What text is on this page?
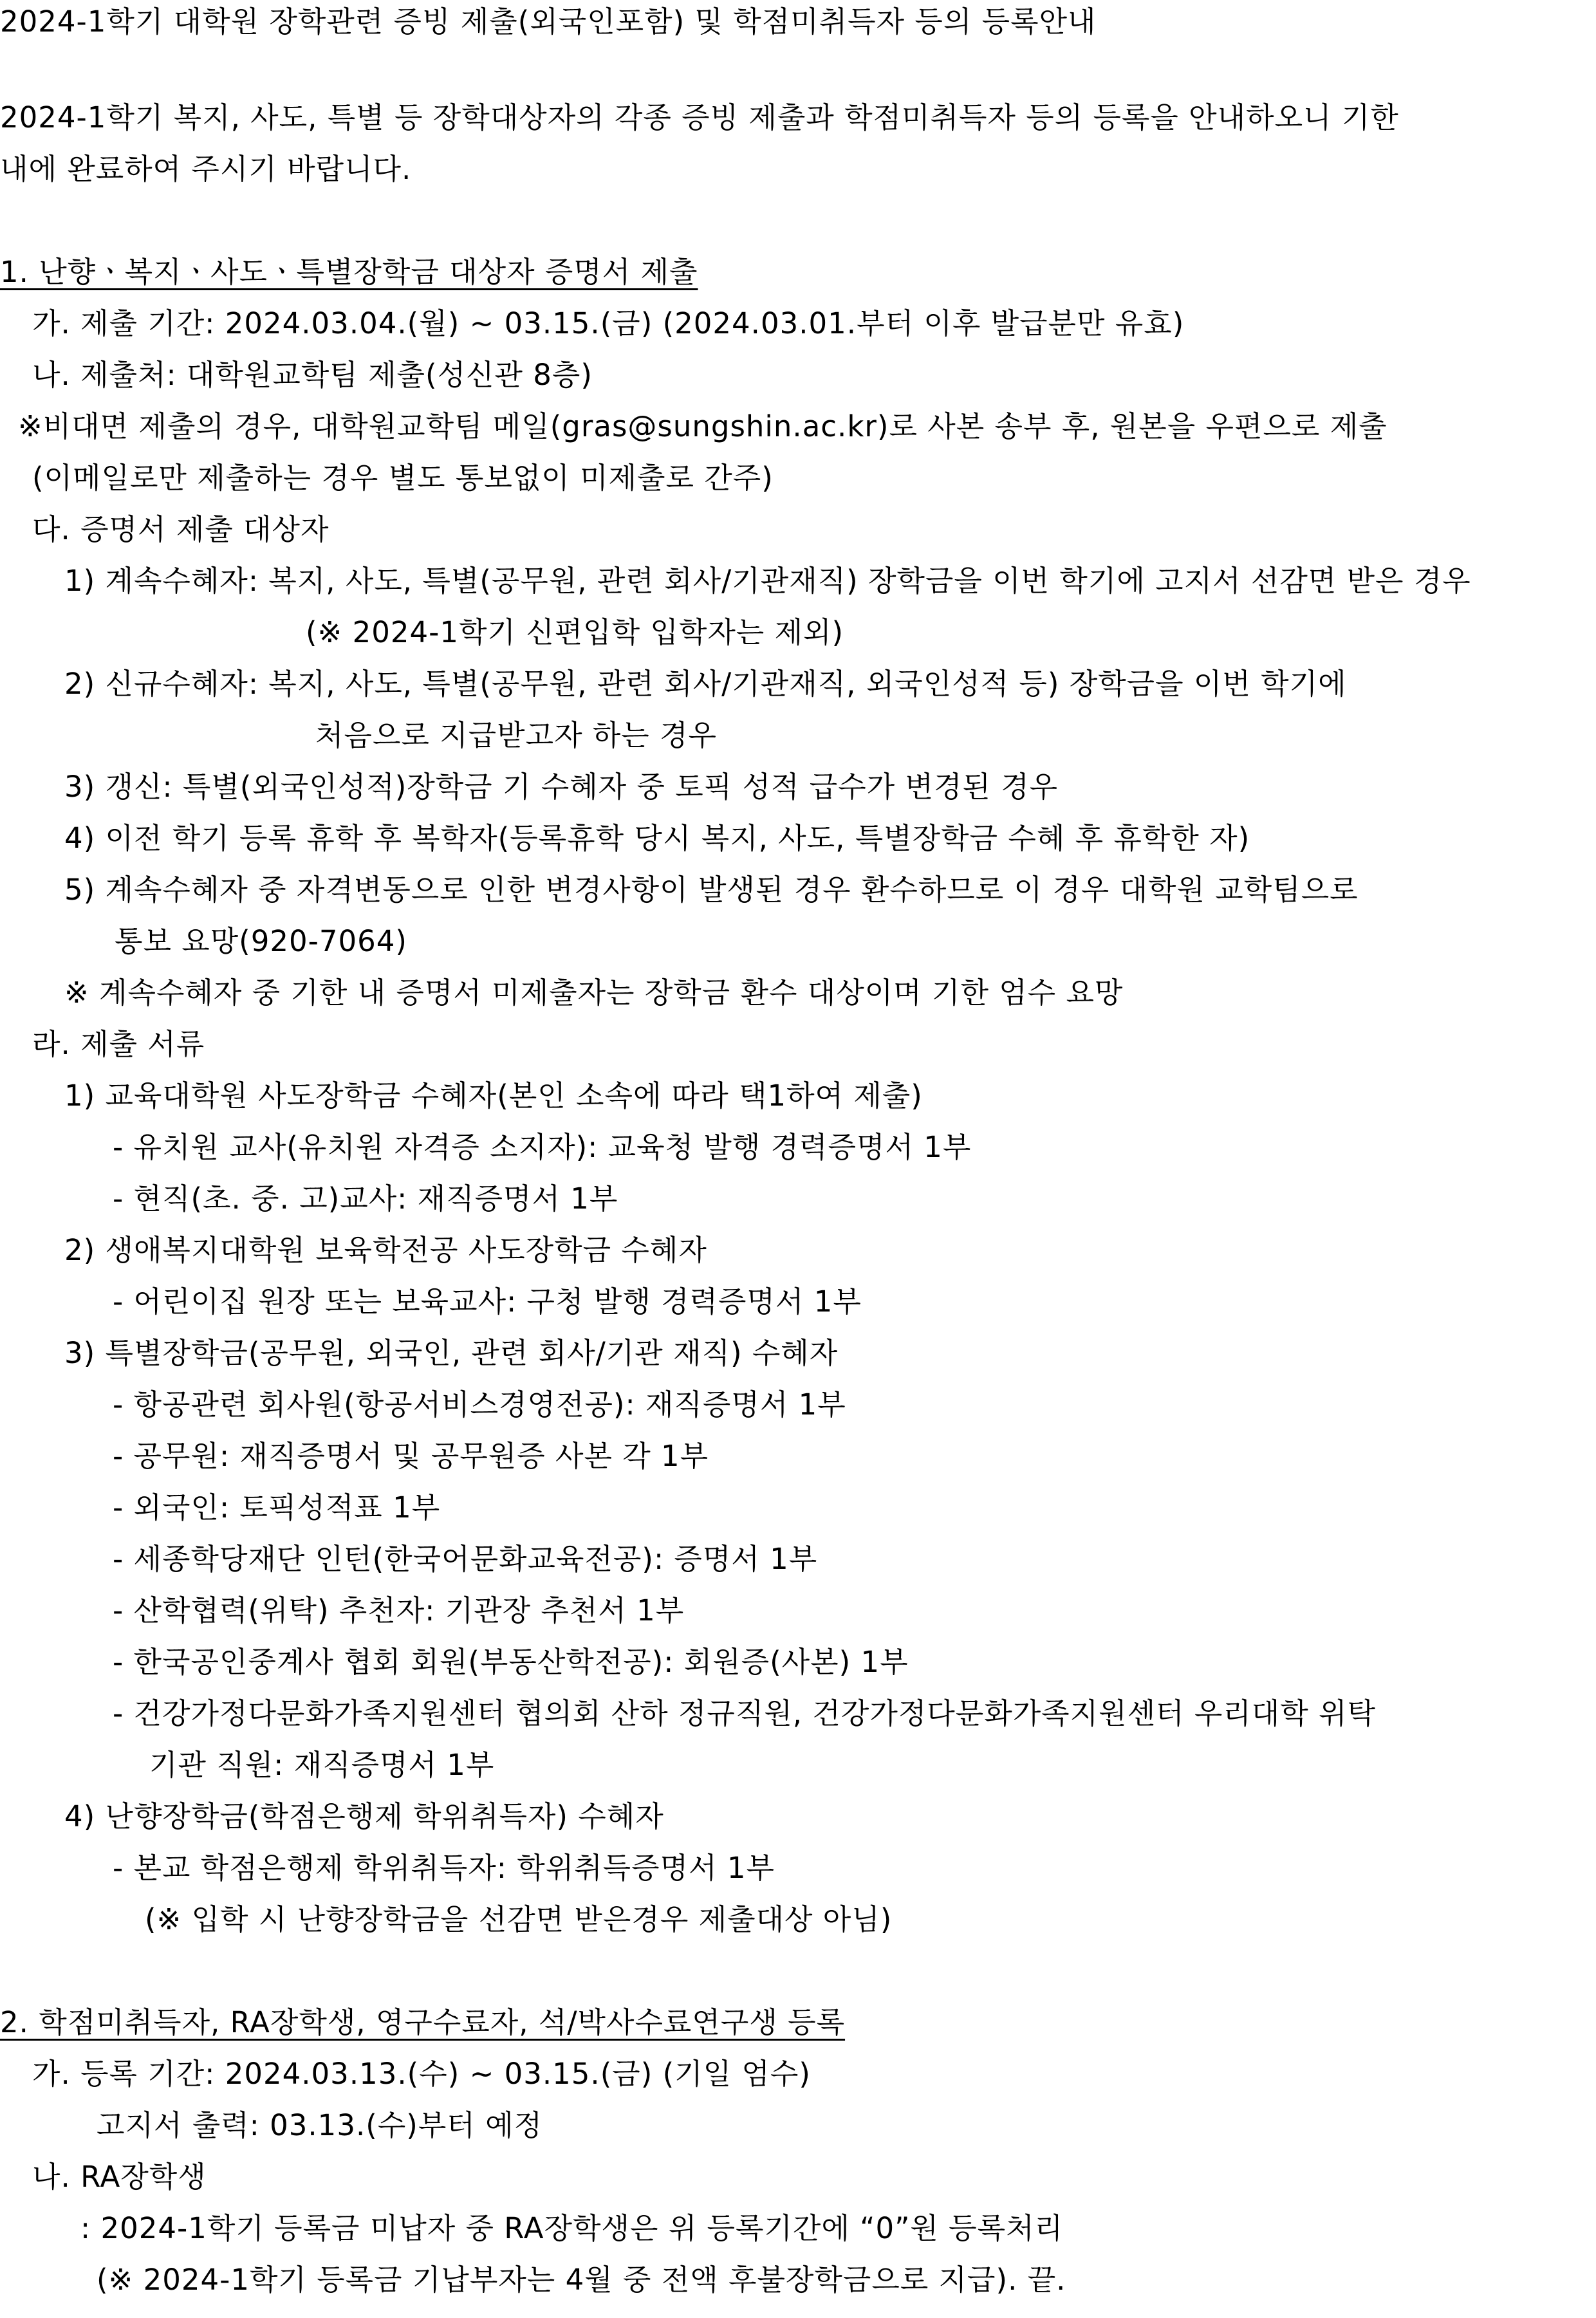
2024-1학기 대학원 장학관련 증빙 제출(외국인포함) 및 학점미취득자 등의 등록안내
2024-1학기 복지, 사도, 특별 등 장학대상자의 각종 증빙 제출과 학점미취득자 등의 등록을 안내하오니 기한
내에 완료하여 주시기 바랍니다.
1. 난향ㆍ복지ㆍ사도ㆍ특별장학금 대상자 증명서 제출
가. 제출 기간: 2024.03.04.(월) ~ 03.15.(금) (2024.03.01.부터 이후 발급분만 유효)
나. 제출처: 대학원교학팀 제출(성신관 8층)
※비대면 제출의 경우, 대학원교학팀 메일(gras@sungshin.ac.kr)로 사본 송부 후, 원본을 우편으로 제출
(이메일로만 제출하는 경우 별도 통보없이 미제출로 간주)
다. 증명서 제출 대상자
1) 계속수혜자: 복지, 사도, 특별(공무원, 관련 회사/기관재직) 장학금을 이번 학기에 고지서 선감면 받은 경우
(※ 2024-1학기 신편입학 입학자는 제외)
2) 신규수혜자: 복지, 사도, 특별(공무원, 관련 회사/기관재직, 외국인성적 등) 장학금을 이번 학기에
처음으로 지급받고자 하는 경우
3) 갱신: 특별(외국인성적)장학금 기 수혜자 중 토픽 성적 급수가 변경된 경우
4) 이전 학기 등록 휴학 후 복학자(등록휴학 당시 복지, 사도, 특별장학금 수혜 후 휴학한 자)
5) 계속수혜자 중 자격변동으로 인한 변경사항이 발생된 경우 환수하므로 이 경우 대학원 교학팀으로
통보 요망(920-7064)
※ 계속수혜자 중 기한 내 증명서 미제출자는 장학금 환수 대상이며 기한 엄수 요망
라. 제출 서류
1) 교육대학원 사도장학금 수혜자(본인 소속에 따라 택1하여 제출)
- 유치원 교사(유치원 자격증 소지자): 교육청 발행 경력증명서 1부
- 현직(초. 중. 고)교사: 재직증명서 1부
2) 생애복지대학원 보육학전공 사도장학금 수혜자
- 어린이집 원장 또는 보육교사: 구청 발행 경력증명서 1부
3) 특별장학금(공무원, 외국인, 관련 회사/기관 재직) 수혜자
- 항공관련 회사원(항공서비스경영전공): 재직증명서 1부
- 공무원: 재직증명서 및 공무원증 사본 각 1부
- 외국인: 토픽성적표 1부
- 세종학당재단 인턴(한국어문화교육전공): 증명서 1부
- 산학협력(위탁) 추천자: 기관장 추천서 1부
- 한국공인중계사 협회 회원(부동산학전공): 회원증(사본) 1부
- 건강가정다문화가족지원센터 협의회 산하 정규직원, 건강가정다문화가족지원센터 우리대학 위탁
기관 직원: 재직증명서 1부
4) 난향장학금(학점은행제 학위취득자) 수혜자
- 본교 학점은행제 학위취득자: 학위취득증명서 1부
(※ 입학 시 난향장학금을 선감면 받은경우 제출대상 아님)
2. 학점미취득자, RA장학생, 영구수료자, 석/박사수료연구생 등록
가. 등록 기간: 2024.03.13.(수) ~ 03.15.(금) (기일 엄수)
고지서 출력: 03.13.(수)부터 예정
나. RA장학생
: 2024-1학기 등록금 미납자 중 RA장학생은 위 등록기간에 “0”원 등록처리
(※ 2024-1학기 등록금 기납부자는 4월 중 전액 후불장학금으로 지급). 끝.
